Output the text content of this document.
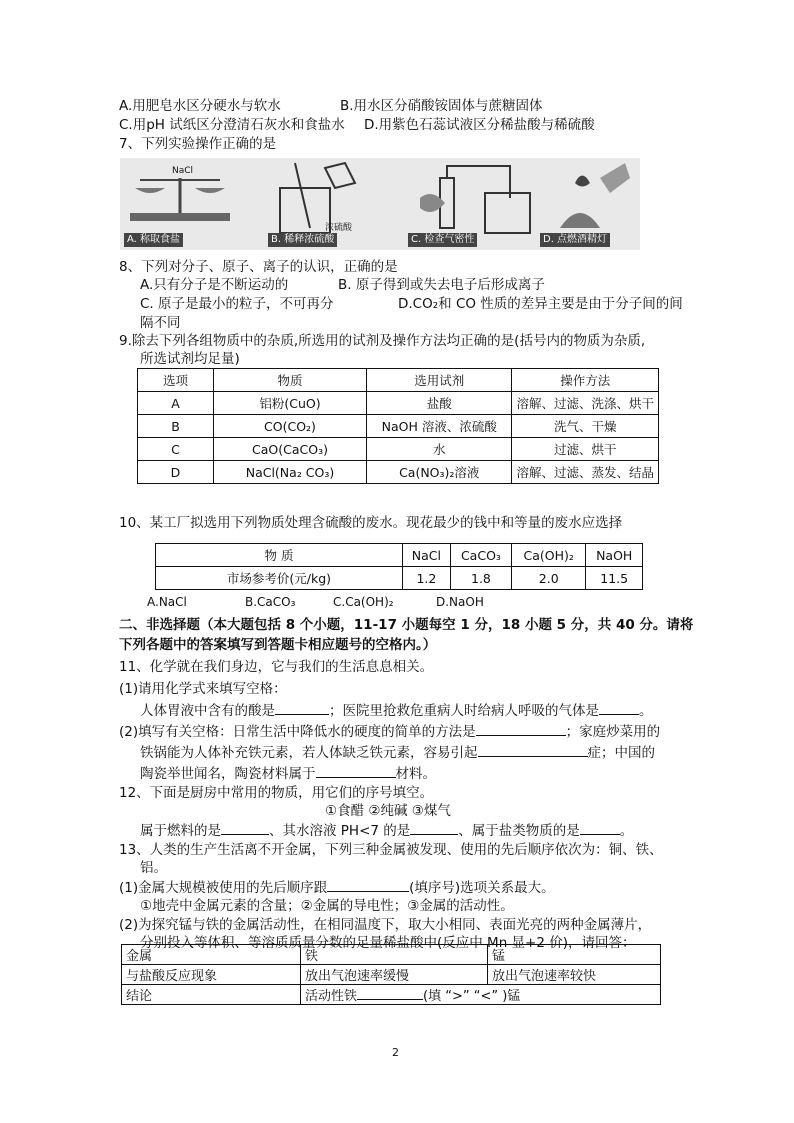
A.用肥皂水区分硬水与软水	B.用水区分硝酸铵固体与蔗糖固体
C.用pH 试纸区分澄清石灰水和食盐水 D.用紫色石蕊试液区分稀盐酸与稀硫酸
7、下列实验操作正确的是
NaCl
浓硫酸
A. 称取食盐	B. 稀释浓硫酸	C. 检查气密性	D. 点燃酒精灯
8、下列对分子、原子、离子的认识，正确的是
A.只有分子是不断运动的	B. 原子得到或失去电子后形成离子
C. 原子是最小的粒子，不可再分	D.CO₂和 CO 性质的差异主要是由于分子间的间
隔不同
9.除去下列各组物质中的杂质,所选用的试剂及操作方法均正确的是(括号内的物质为杂质,
所选试剂均足量)
选项	物质	选用试剂	操作方法
A	铝粉(CuO)	盐酸	溶解、过滤、洗涤、烘干
B	CO(CO₂)	NaOH 溶液、浓硫酸	洗气、干燥
C	CaO(CaCO₃)	水	过滤、烘干
D	NaCl(Na₂ CO₃)	Ca(NO₃)₂溶液	溶解、过滤、蒸发、结晶
10、某工厂拟选用下列物质处理含硫酸的废水。现花最少的钱中和等量的废水应选择
物 质	NaCl	CaCO₃	Ca(OH)₂	NaOH
市场参考价(元/kg)	1.2	1.8	2.0	11.5
A.NaCl	B.CaCO₃	C.Ca(OH)₂	D.NaOH
二、非选择题（本大题包括 8 个小题，11-17 小题每空 1 分，18 小题 5 分，共 40 分。请将
下列各题中的答案填写到答题卡相应题号的空格内。）
11、化学就在我们身边，它与我们的生活息息相关。
(1)请用化学式来填写空格：
人体胃液中含有的酸是	；医院里抢救危重病人时给病人呼吸的气体是	。
(2)填写有关空格：日常生活中降低水的硬度的简单的方法是	；家庭炒菜用的
铁锅能为人体补充铁元素，若人体缺乏铁元素，容易引起	症；中国的
陶瓷举世闻名，陶瓷材料属于	材料。
12、下面是厨房中常用的物质，用它们的序号填空。
①食醋 ②纯碱 ③煤气
属于燃料的是	、其水溶液 PH<7 的是	、属于盐类物质的是	。
13、人类的生产生活离不开金属，下列三种金属被发现、使用的先后顺序依次为：铜、铁、
铝。
(1)金属大规模被使用的先后顺序跟	(填序号)选项关系最大。
①地壳中金属元素的含量；②金属的导电性；③金属的活动性。
(2)为探究锰与铁的金属活动性，在相同温度下，取大小相同、表面光亮的两种金属薄片，
分别投入等体积、等溶质质量分数的足量稀盐酸中(反应中 Mn 显+2 价)，请回答：
金属	铁	锰
与盐酸反应现象	放出气泡速率缓慢	放出气泡速率较快
结论	活动性铁 (填 “>” “<” )锰	
2
